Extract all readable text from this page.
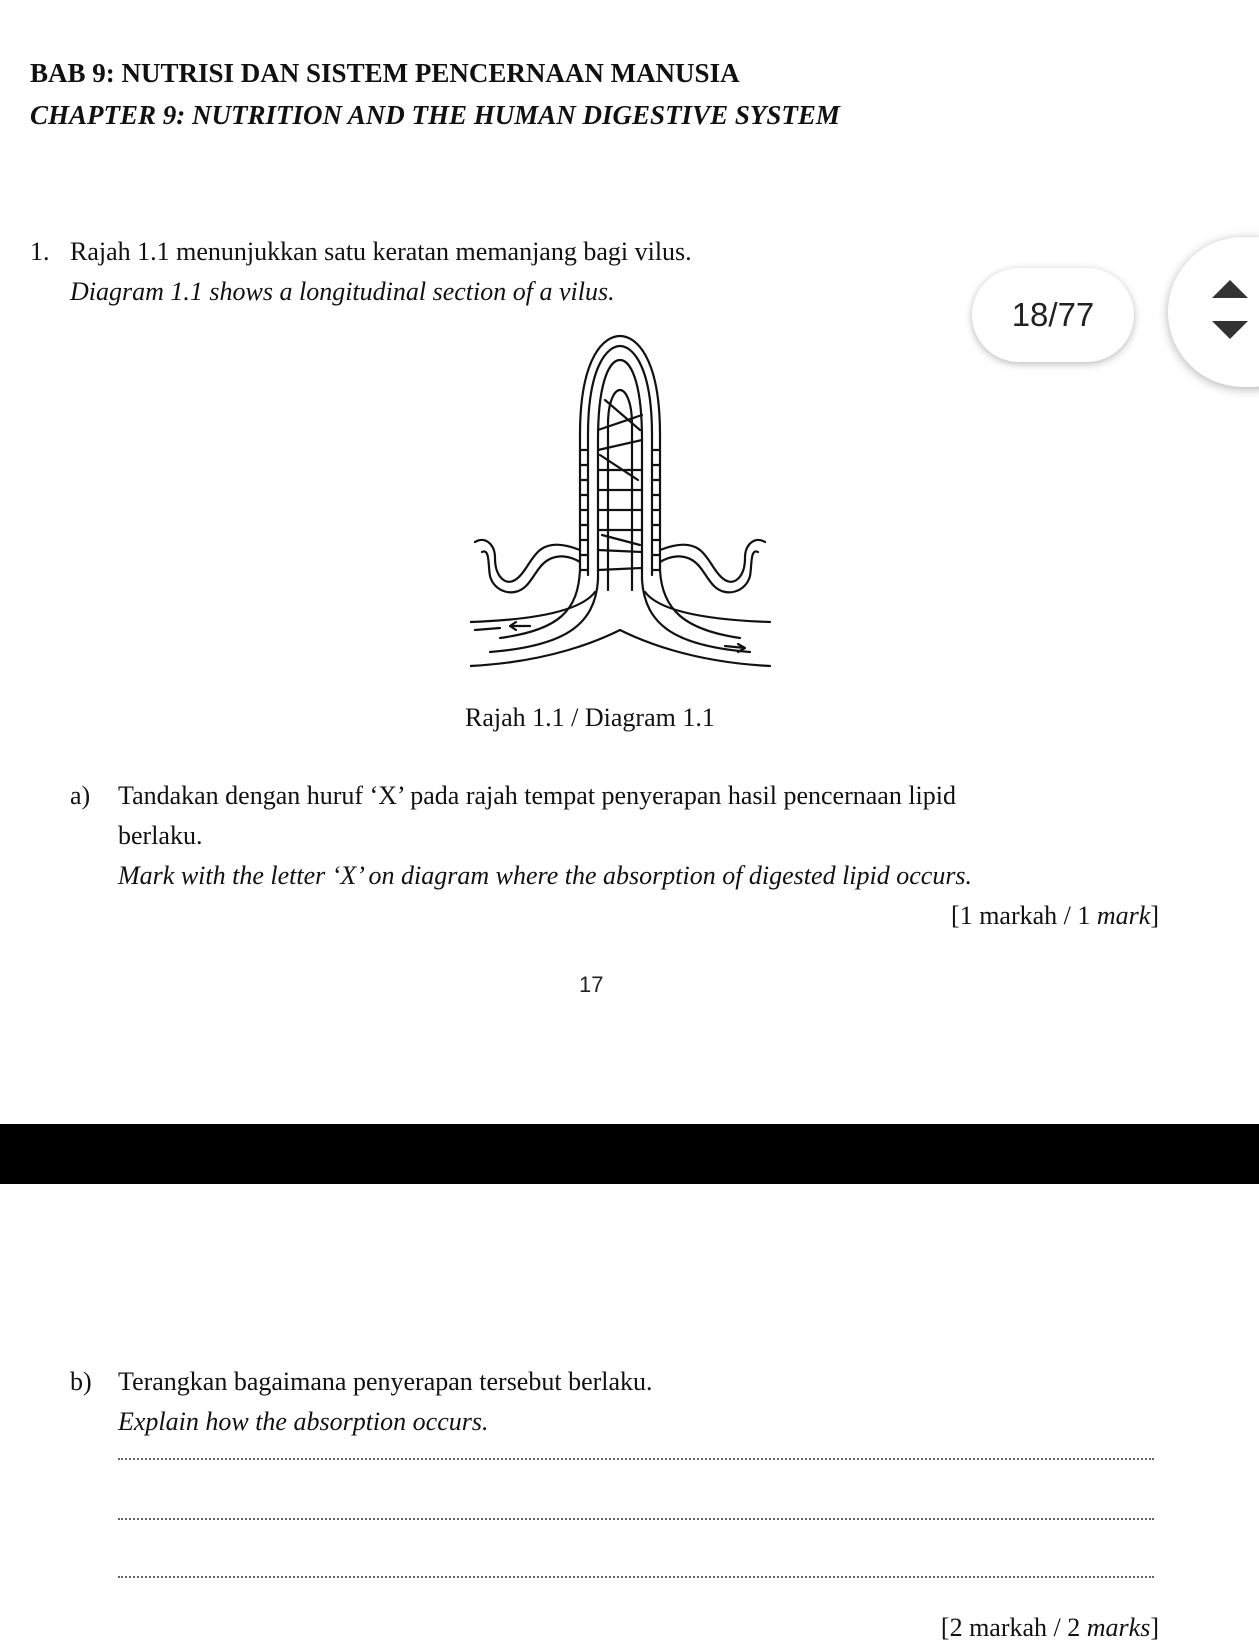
BAB 9: NUTRISI DAN SISTEM PENCERNAAN MANUSIA
CHAPTER 9: NUTRITION AND THE HUMAN DIGESTIVE SYSTEM
1. Rajah 1.1 menunjukkan satu keratan memanjang bagi vilus.
Diagram 1.1 shows a longitudinal section of a vilus.
Rajah 1.1 / Diagram 1.1
a) Tandakan dengan huruf ‘X’ pada rajah tempat penyerapan hasil pencernaan lipid
berlaku.
Mark with the letter ‘X’ on diagram where the absorption of digested lipid occurs.
[1 markah / 1 mark]
17
b) Terangkan bagaimana penyerapan tersebut berlaku.
Explain how the absorption occurs.
[2 markah / 2 marks]
18/77
